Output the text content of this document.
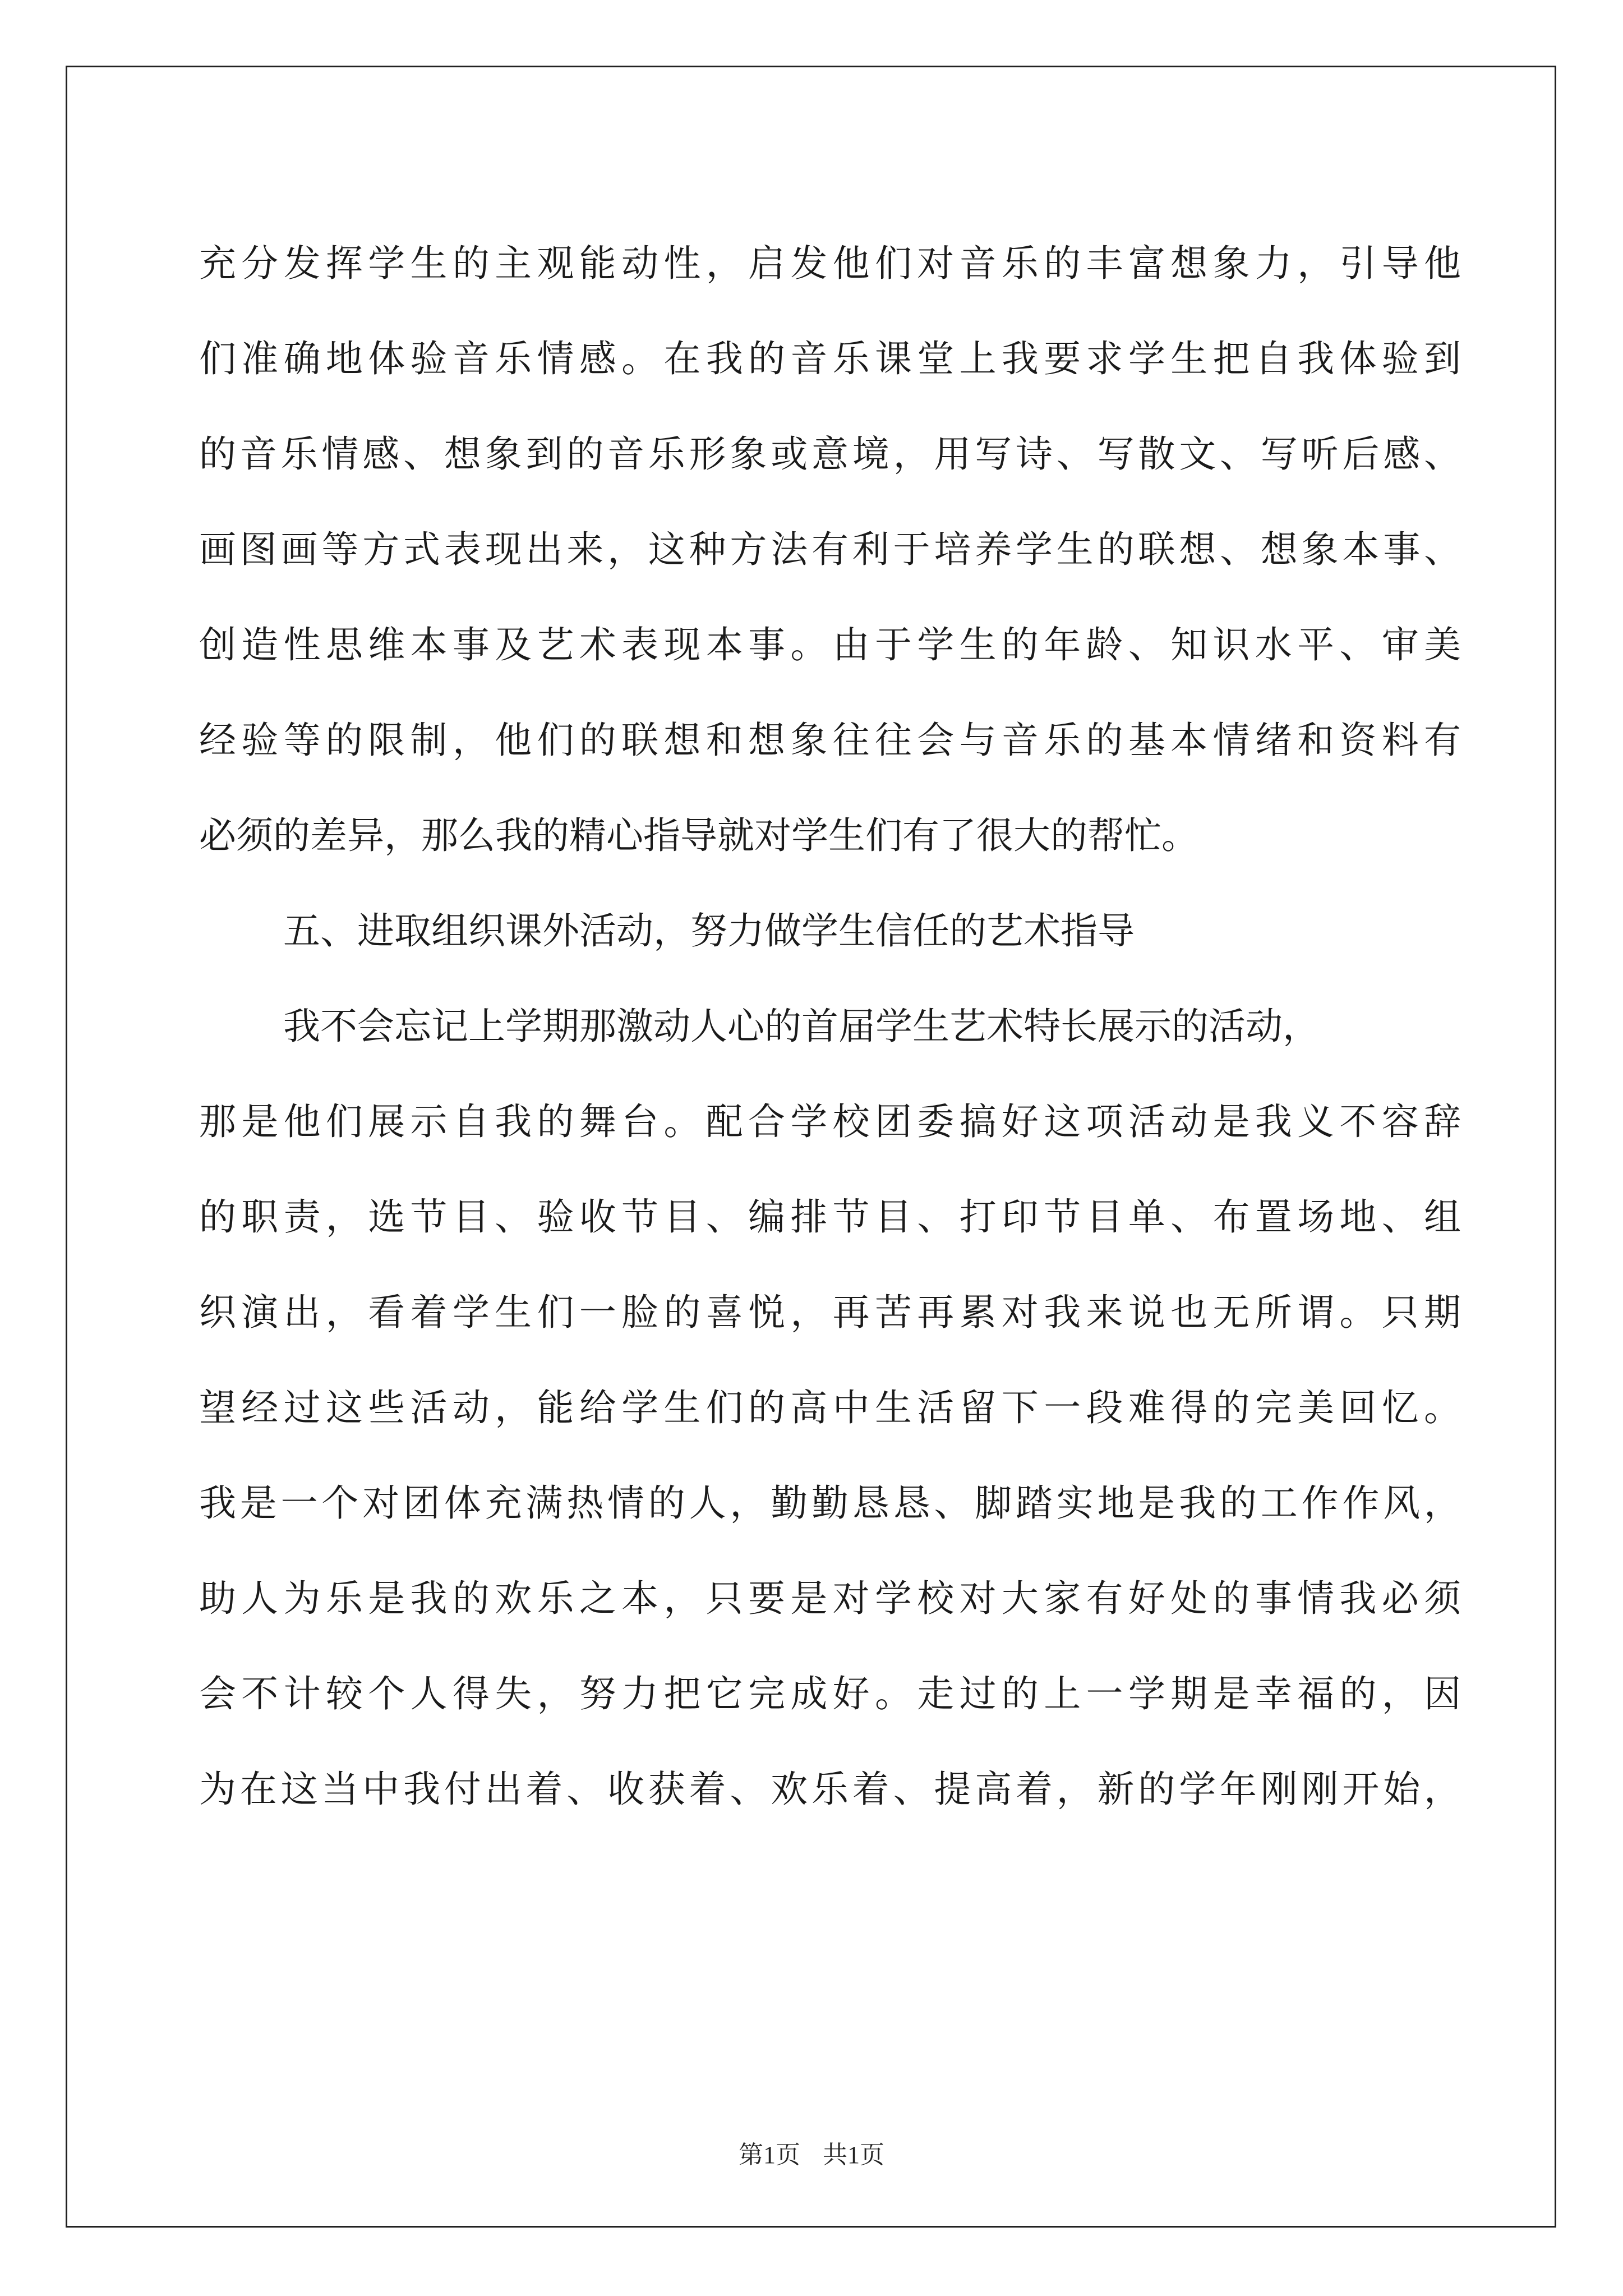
充分发挥学生的主观能动性，启发他们对音乐的丰富想象力，引导他
们准确地体验音乐情感。在我的音乐课堂上我要求学生把自我体验到
的音乐情感、想象到的音乐形象或意境，用写诗、写散文、写听后感、
画图画等方式表现出来，这种方法有利于培养学生的联想、想象本事、
创造性思维本事及艺术表现本事。由于学生的年龄、知识水平、审美
经验等的限制，他们的联想和想象往往会与音乐的基本情绪和资料有
必须的差异，那么我的精心指导就对学生们有了很大的帮忙。
五、进取组织课外活动，努力做学生信任的艺术指导
我不会忘记上学期那激动人心的首届学生艺术特长展示的活动，
那是他们展示自我的舞台。配合学校团委搞好这项活动是我义不容辞
的职责，选节目、验收节目、编排节目、打印节目单、布置场地、组
织演出，看着学生们一脸的喜悦，再苦再累对我来说也无所谓。只期
望经过这些活动，能给学生们的高中生活留下一段难得的完美回忆。
我是一个对团体充满热情的人，勤勤恳恳、脚踏实地是我的工作作风，
助人为乐是我的欢乐之本，只要是对学校对大家有好处的事情我必须
会不计较个人得失，努力把它完成好。走过的上一学期是幸福的，因
为在这当中我付出着、收获着、欢乐着、提高着，新的学年刚刚开始，
第1页 共1页
